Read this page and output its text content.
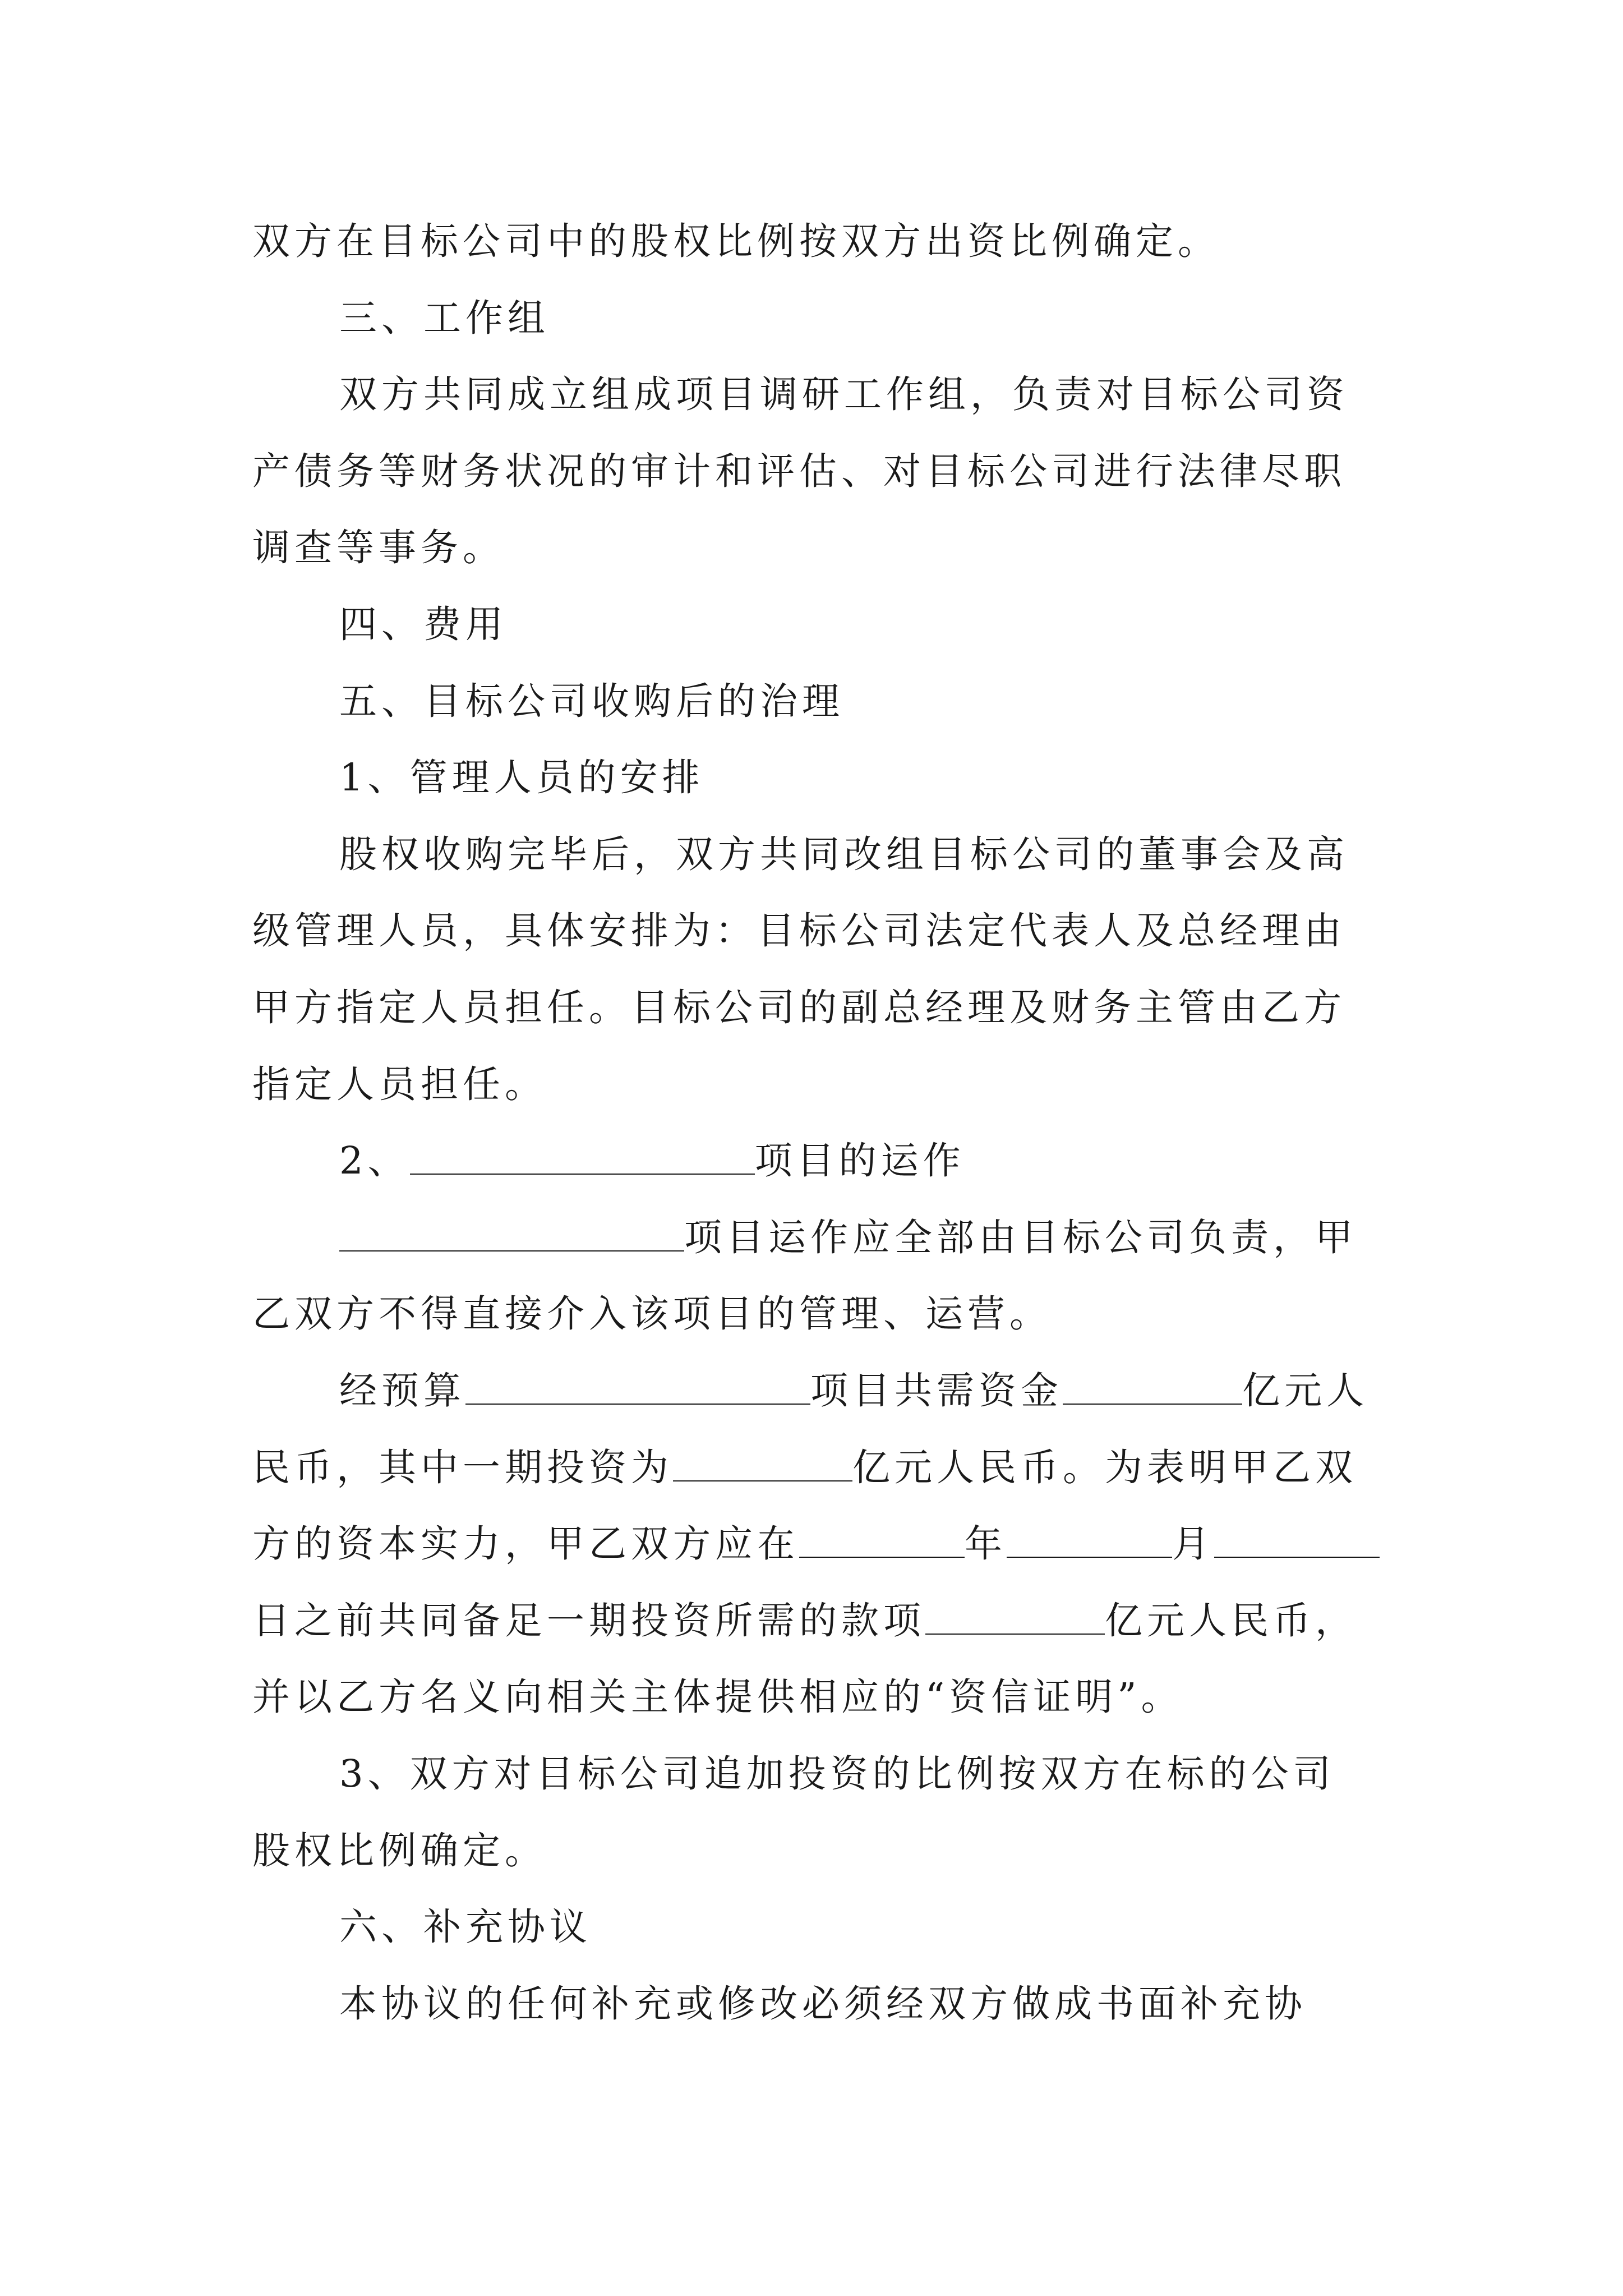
双方在目标公司中的股权比例按双方出资比例确定。
三、工作组
双方共同成立组成项目调研工作组，负责对目标公司资
产债务等财务状况的审计和评估、对目标公司进行法律尽职
调查等事务。
四、费用
五、目标公司收购后的治理
1、管理人员的安排
股权收购完毕后，双方共同改组目标公司的董事会及高
级管理人员，具体安排为：目标公司法定代表人及总经理由
甲方指定人员担任。目标公司的副总经理及财务主管由乙方
指定人员担任。
2、	项目的运作
项目运作应全部由目标公司负责，甲
乙双方不得直接介入该项目的管理、运营。
经预算	项目共需资金	亿元人
民币，其中一期投资为	亿元人民币。为表明甲乙双
方的资本实力，甲乙双方应在	年	月
日之前共同备足一期投资所需的款项	亿元人民币，
并以乙方名义向相关主体提供相应的“资信证明”。
3、双方对目标公司追加投资的比例按双方在标的公司
股权比例确定。
六、补充协议
本协议的任何补充或修改必须经双方做成书面补充协
